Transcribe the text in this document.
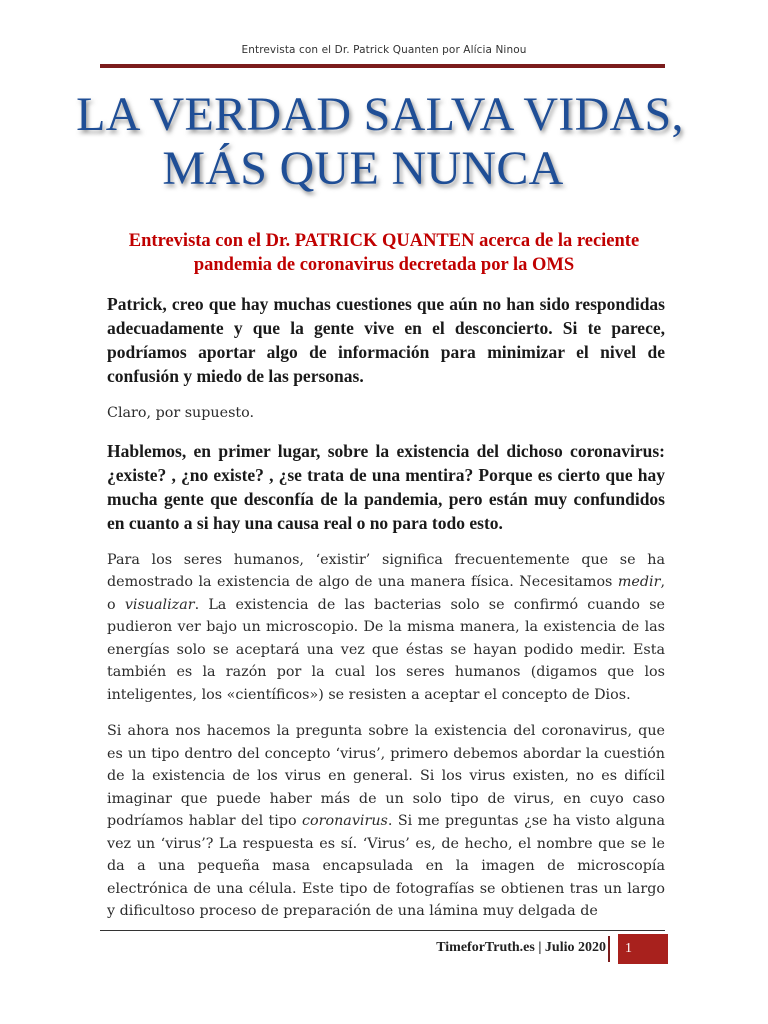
Entrevista con el Dr. Patrick Quanten por Alícia Ninou
LA VERDAD SALVA VIDAS,
MÁS QUE NUNCA
Entrevista con el Dr. PATRICK QUANTEN acerca de la reciente pandemia de coronavirus decretada por la OMS

Patrick, creo que hay muchas cuestiones que aún no han sido respondidas adecuadamente y que la gente vive en el desconcierto. Si te parece, podríamos aportar algo de información para minimizar el nivel de confusión y miedo de las personas.

Claro, por supuesto.

Hablemos, en primer lugar, sobre la existencia del dichoso coronavirus: ¿existe? , ¿no existe? , ¿se trata de una mentira? Porque es cierto que hay mucha gente que desconfía de la pandemia, pero están muy confundidos en cuanto a si hay una causa real o no para todo esto.

Para los seres humanos, ‘existir’ significa frecuentemente que se ha demostrado la existencia de algo de una manera física. Necesitamos medir, o visualizar. La existencia de las bacterias solo se confirmó cuando se pudieron ver bajo un microscopio. De la misma manera, la existencia de las energías solo se aceptará una vez que éstas se hayan podido medir. Esta también es la razón por la cual los seres humanos (digamos que los inteligentes, los «científicos») se resisten a aceptar el concepto de Dios.

Si ahora nos hacemos la pregunta sobre la existencia del coronavirus, que es un tipo dentro del concepto ‘virus’, primero debemos abordar la cuestión de la existencia de los virus en general. Si los virus existen, no es difícil imaginar que puede haber más de un solo tipo de virus, en cuyo caso podríamos hablar del tipo coronavirus. Si me preguntas ¿se ha visto alguna vez un ‘virus’? La respuesta es sí. ‘Virus’ es, de hecho, el nombre que se le da a una pequeña masa encapsulada en la imagen de microscopía electrónica de una célula. Este tipo de fotografías se obtienen tras un largo y dificultoso proceso de preparación de una lámina muy delgada de

TimeforTruth.es | Julio 2020	1
